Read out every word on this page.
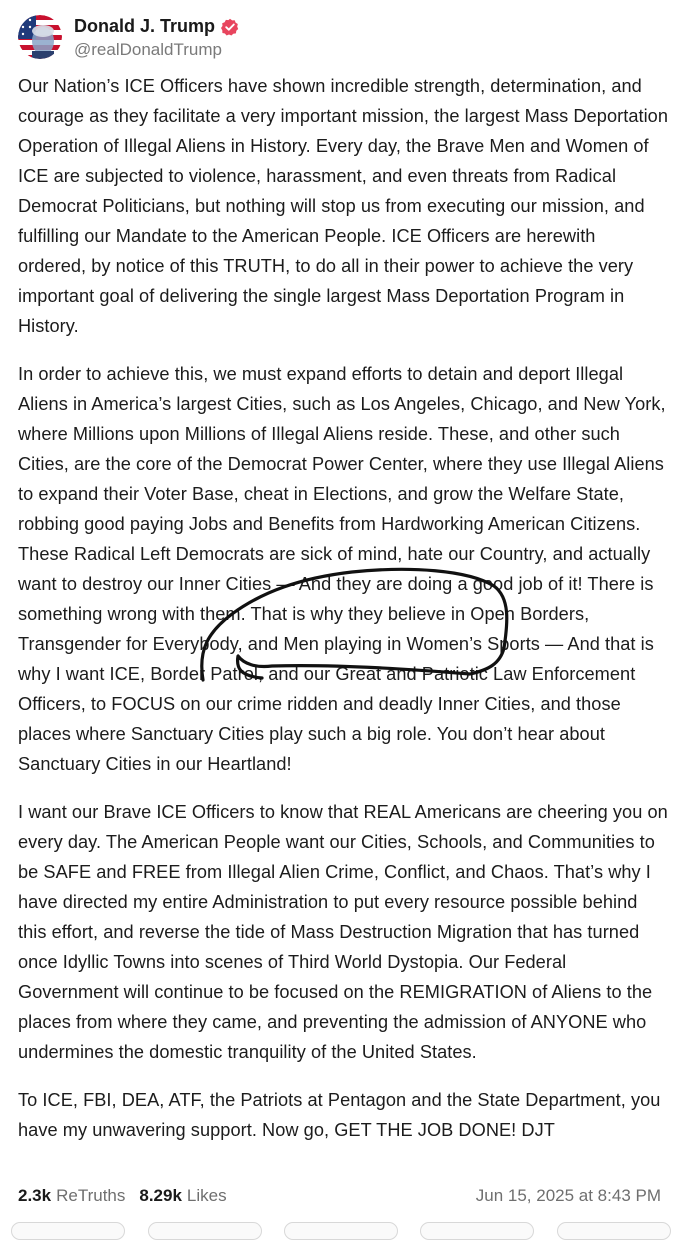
Donald J. Trump
@realDonaldTrump

Our Nation’s ICE Officers have shown incredible strength, determination, and courage as they facilitate a very important mission, the largest Mass Deportation Operation of Illegal Aliens in History. Every day, the Brave Men and Women of ICE are subjected to violence, harassment, and even threats from Radical Democrat Politicians, but nothing will stop us from executing our mission, and fulfilling our Mandate to the American People. ICE Officers are herewith ordered, by notice of this TRUTH, to do all in their power to achieve the very important goal of delivering the single largest Mass Deportation Program in History.

In order to achieve this, we must expand efforts to detain and deport Illegal Aliens in America’s largest Cities, such as Los Angeles, Chicago, and New York, where Millions upon Millions of Illegal Aliens reside. These, and other such Cities, are the core of the Democrat Power Center, where they use Illegal Aliens to expand their Voter Base, cheat in Elections, and grow the Welfare State, robbing good paying Jobs and Benefits from Hardworking American Citizens. These Radical Left Democrats are sick of mind, hate our Country, and actually want to destroy our Inner Cities — And they are doing a good job of it! There is something wrong with them. That is why they believe in Open Borders, Transgender for Everybody, and Men playing in Women’s Sports — And that is why I want ICE, Border Patrol, and our Great and Patriotic Law Enforcement Officers, to FOCUS on our crime ridden and deadly Inner Cities, and those places where Sanctuary Cities play such a big role. You don’t hear about Sanctuary Cities in our Heartland!

I want our Brave ICE Officers to know that REAL Americans are cheering you on every day. The American People want our Cities, Schools, and Communities to be SAFE and FREE from Illegal Alien Crime, Conflict, and Chaos. That’s why I have directed my entire Administration to put every resource possible behind this effort, and reverse the tide of Mass Destruction Migration that has turned once Idyllic Towns into scenes of Third World Dystopia. Our Federal Government will continue to be focused on the REMIGRATION of Aliens to the places from where they came, and preventing the admission of ANYONE who undermines the domestic tranquility of the United States.

To ICE, FBI, DEA, ATF, the Patriots at Pentagon and the State Department, you have my unwavering support. Now go, GET THE JOB DONE! DJT

2.3k ReTruths 8.29k Likes	Jun 15, 2025 at 8:43 PM
